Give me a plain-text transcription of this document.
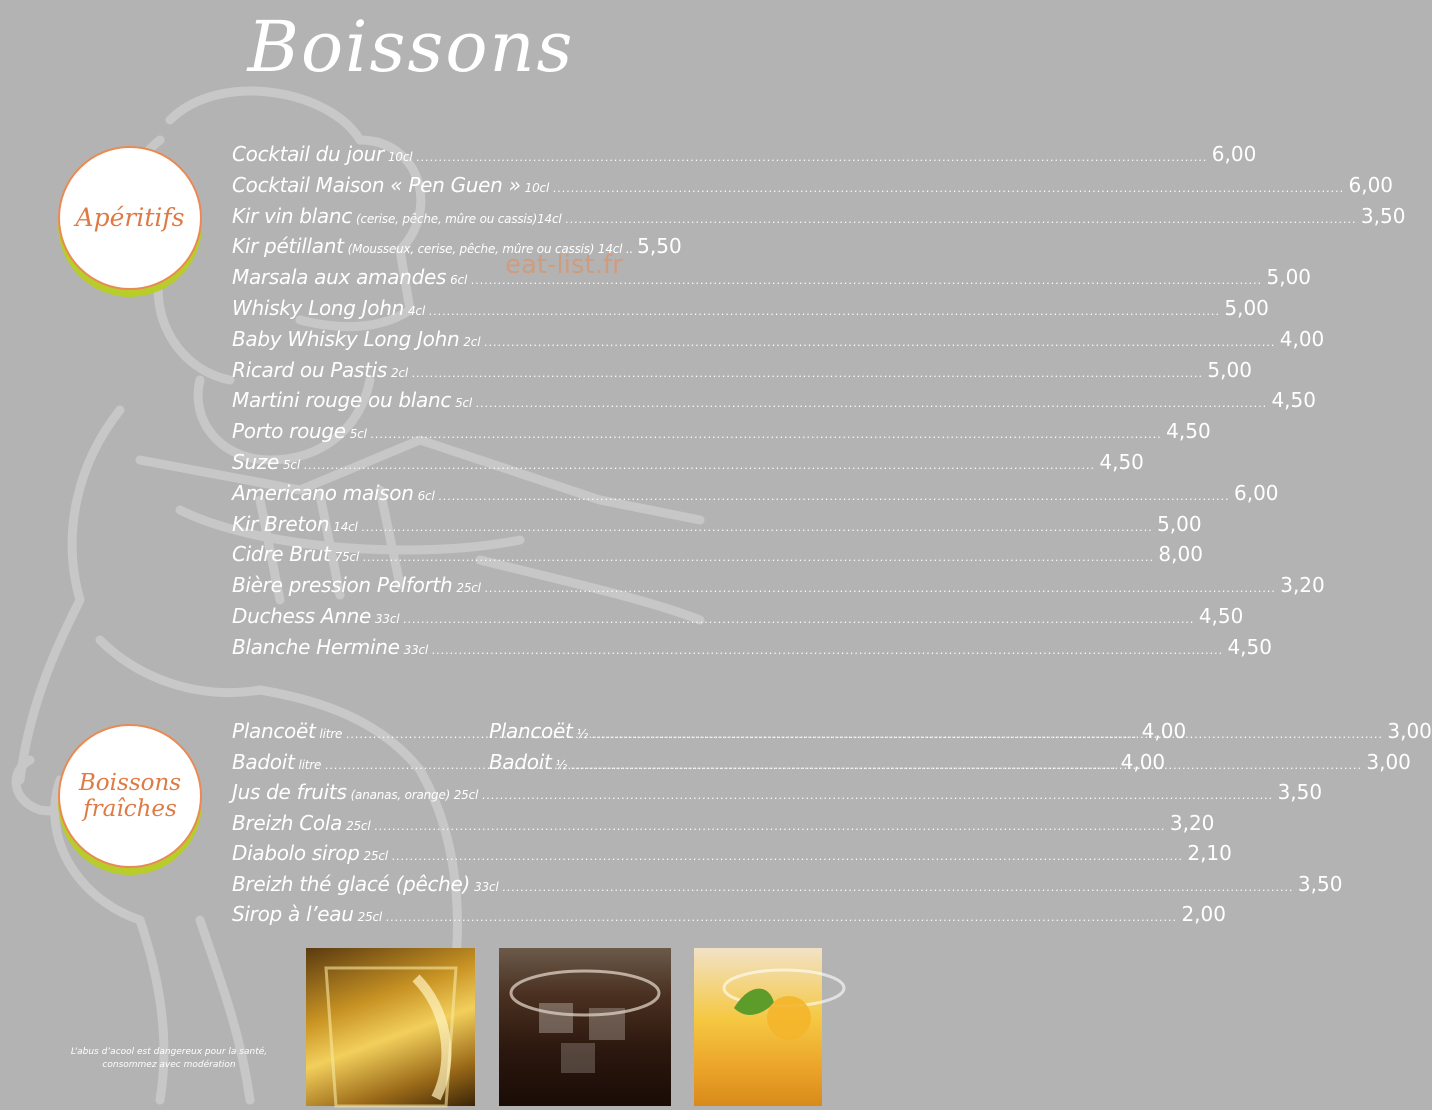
Boissons
eat-list.fr
Apéritifs
Cocktail du jour 10cl .....	6,00
Cocktail Maison « Pen Guen » 10cl .....	6,00
Kir vin blanc (cerise, pêche, mûre ou cassis)14cl .....	3,50
Kir pétillant (Mousseux, cerise, pêche, mûre ou cassis) 14cl .. 5,50
Marsala aux amandes 6cl .....	5,00
Whisky Long John 4cl .....	5,00
Baby Whisky Long John 2cl .....	4,00
Ricard ou Pastis 2cl .....	5,00
Martini rouge ou blanc 5cl .....	4,50
Porto rouge 5cl .....	4,50
Suze 5cl .....	4,50
Americano maison 6cl .....	6,00
Kir Breton 14cl .....	5,00
Cidre Brut 75cl .....	8,00
Bière pression Pelforth 25cl .....	3,20
Duchess Anne 33cl .....	4,50
Blanche Hermine 33cl .....	4,50
Boissons
fraîches
Plancoët litre .....	4,00
Plancoët ½ .....	3,00
Badoit litre .....	4,00
Badoit ½ .....	3,00
Jus de fruits (ananas, orange) 25cl .....	3,50
Breizh Cola 25cl .....	3,20
Diabolo sirop 25cl .....	2,10
Breizh thé glacé (pêche) 33cl .....	3,50
Sirop à l’eau 25cl .....	2,00
L’abus d’acool est dangereux pour la santé,
consommez avec modération
